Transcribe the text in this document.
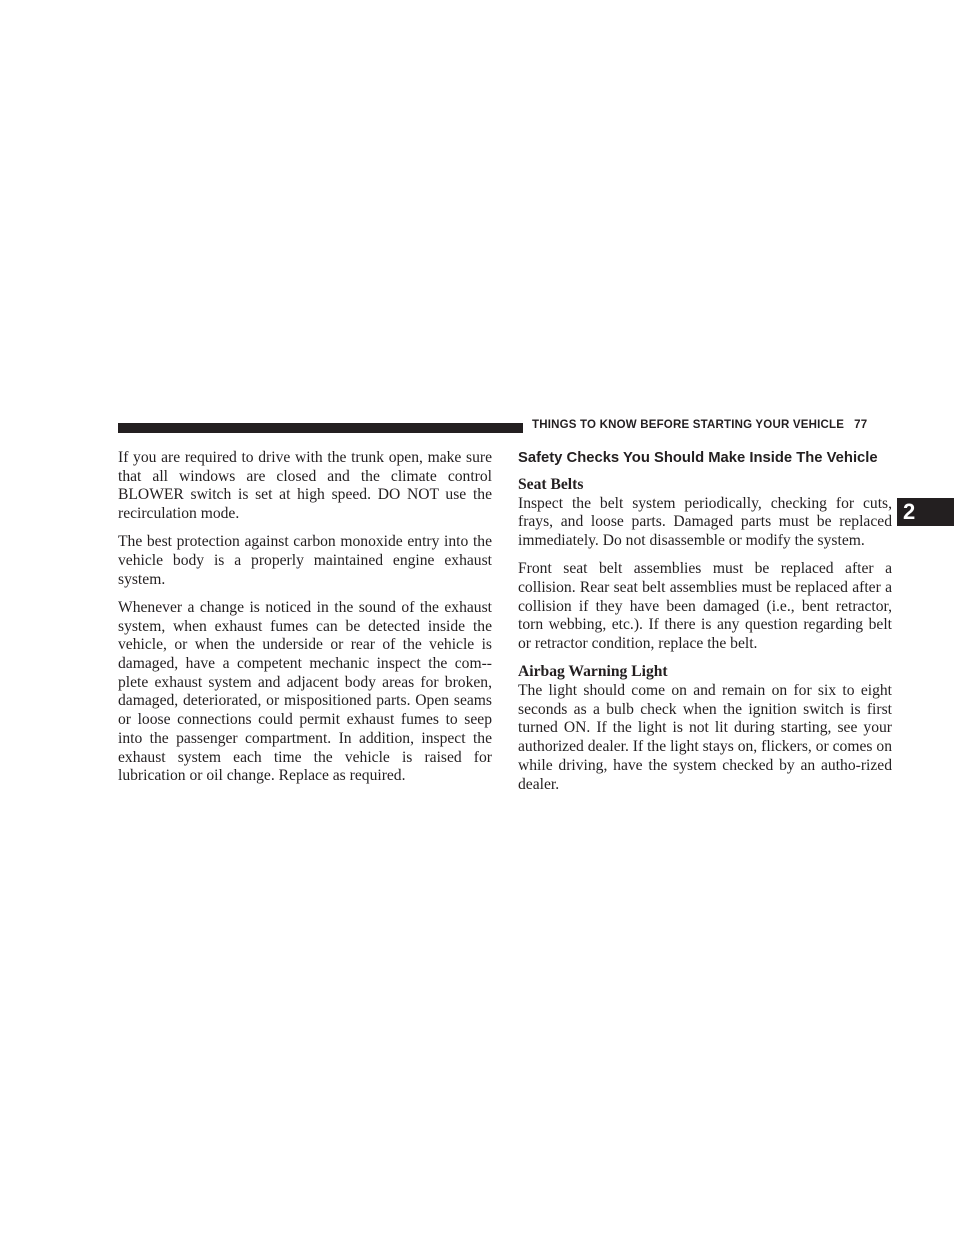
THINGS TO KNOW BEFORE STARTING YOUR VEHICLE 77
2

If you are required to drive with the trunk open, make sure that all windows are closed and the climate control BLOWER switch is set at high speed. DO NOT use the recirculation mode.

The best protection against carbon monoxide entry into the vehicle body is a properly maintained engine exhaust system.

Whenever a change is noticed in the sound of the exhaust system, when exhaust fumes can be detected inside the vehicle, or when the underside or rear of the vehicle is damaged, have a competent mechanic inspect the com-plete exhaust system and adjacent body areas for broken, damaged, deteriorated, or mispositioned parts. Open seams or loose connections could permit exhaust fumes to seep into the passenger compartment. In addition, inspect the exhaust system each time the vehicle is raised for lubrication or oil change. Replace as required.

Safety Checks You Should Make Inside The Vehicle
Seat Belts

Inspect the belt system periodically, checking for cuts, frays, and loose parts. Damaged parts must be replaced immediately. Do not disassemble or modify the system.

Front seat belt assemblies must be replaced after a collision. Rear seat belt assemblies must be replaced after a collision if they have been damaged (i.e., bent retractor, torn webbing, etc.). If there is any question regarding belt or retractor condition, replace the belt.

Airbag Warning Light

The light should come on and remain on for six to eight seconds as a bulb check when the ignition switch is first turned ON. If the light is not lit during starting, see your authorized dealer. If the light stays on, flickers, or comes on while driving, have the system checked by an autho-rized dealer.
